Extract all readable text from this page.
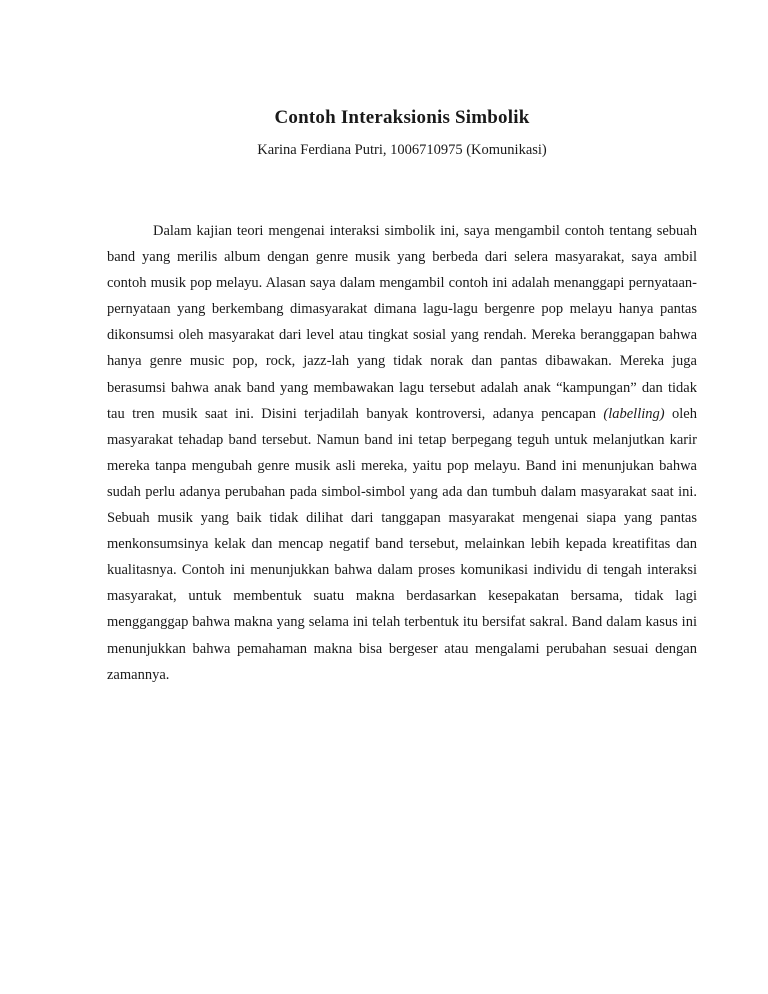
Contoh Interaksionis Simbolik

Karina Ferdiana Putri, 1006710975 (Komunikasi)

Dalam kajian teori mengenai interaksi simbolik ini, saya mengambil contoh tentang sebuah band yang merilis album dengan genre musik yang berbeda dari selera masyarakat, saya ambil contoh musik pop melayu. Alasan saya dalam mengambil contoh ini adalah menanggapi pernyataan-pernyataan yang berkembang dimasyarakat dimana lagu-lagu bergenre pop melayu hanya pantas dikonsumsi oleh masyarakat dari level atau tingkat sosial yang rendah. Mereka beranggapan bahwa hanya genre music pop, rock, jazz-lah yang tidak norak dan pantas dibawakan. Mereka juga berasumsi bahwa anak band yang membawakan lagu tersebut adalah anak “kampungan” dan tidak tau tren musik saat ini. Disini terjadilah banyak kontroversi, adanya pencapan (labelling) oleh masyarakat tehadap band tersebut. Namun band ini tetap berpegang teguh untuk melanjutkan karir mereka tanpa mengubah genre musik asli mereka, yaitu pop melayu. Band ini menunjukan bahwa sudah perlu adanya perubahan pada simbol-simbol yang ada dan tumbuh dalam masyarakat saat ini. Sebuah musik yang baik tidak dilihat dari tanggapan masyarakat mengenai siapa yang pantas menkonsumsinya kelak dan mencap negatif band tersebut, melainkan lebih kepada kreatifitas dan kualitasnya. Contoh ini menunjukkan bahwa dalam proses komunikasi individu di tengah interaksi masyarakat, untuk membentuk suatu makna berdasarkan kesepakatan bersama, tidak lagi mengganggap bahwa makna yang selama ini telah terbentuk itu bersifat sakral. Band dalam kasus ini menunjukkan bahwa pemahaman makna bisa bergeser atau mengalami perubahan sesuai dengan zamannya.
